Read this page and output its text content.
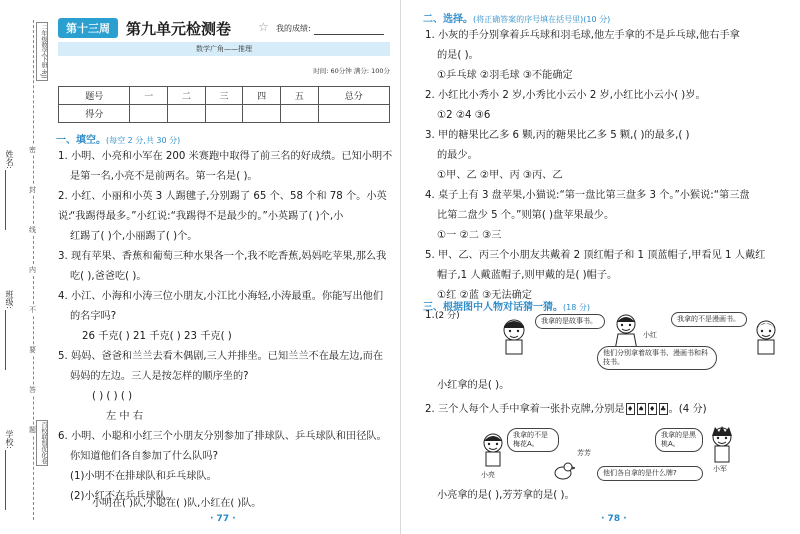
姓名:
班级:
学校:
密
封
线
内
不
要
答
题
二年级数学(下册·RJ)
百校联盟优化卷
第十三周	第九单元检测卷 ☆ 我的成绩:
数学广角——推理
时间: 60分钟 满分: 100分
题号	一	二	三	四	五	总分
得分						
一、填空。(每空 2 分,共 30 分)
1. 小明、小亮和小军在 200 米赛跑中取得了前三名的好成绩。已知小明不
是第一名,小亮不是前两名。第一名是( )。
2. 小红、小丽和小英 3 人踢毽子,分别踢了 65 个、58 个和 78 个。小英说:
“我踢得最多。”小红说:“我踢得不是最少的。”小英踢了( )个,小
红踢了( )个,小丽踢了( )个。
3. 现有苹果、香蕉和葡萄三种水果各一个,我不吃香蕉,妈妈吃苹果,那么我
吃( ),爸爸吃( )。
4. 小江、小海和小涛三位小朋友,小江比小海轻,小涛最重。你能写出他们
的名字吗?
26 千克( ) 21 千克( ) 23 千克( )
5. 妈妈、爸爸和兰兰去看木偶剧,三人并排坐。已知兰兰不在最左边,而在
妈妈的左边。三人是按怎样的顺序坐的?
( ) ( ) ( )
左 中 右
6. 小明、小聪和小红三个小朋友分别参加了排球队、乒乓球队和田径队。
你知道他们各自参加了什么队吗?
(1)小明不在排球队和乒乓球队。
(2)小红不在乒乓球队。
· 77 ·
小明在( )队,小聪在( )队,小红在( )队。
二、选择。(将正确答案的序号填在括号里)(10 分)
1. 小灰的手分别拿着乒乓球和羽毛球,他左手拿的不是乒乓球,他右手拿
的是( )。
①乒乓球 ②羽毛球 ③不能确定
2. 小红比小秀小 2 岁,小秀比小云小 2 岁,小红比小云小( )岁。
①2 ②4 ③6
3. 甲的糖果比乙多 6 颗,丙的糖果比乙多 5 颗,( )的最多,( )
的最少。
①甲、乙 ②甲、丙 ③丙、乙
4. 桌子上有 3 盘苹果,小猫说:“第一盘比第三盘多 3 个。”小猴说:“第三盘
比第二盘少 5 个。”则第( )盘苹果最少。
①一 ②二 ③三
5. 甲、乙、丙三个小朋友共戴着 2 顶红帽子和 1 顶蓝帽子,甲看见 1 人戴红
帽子,1 人戴蓝帽子,则甲戴的是( )帽子。
①红 ②蓝 ③无法确定
三、根据图中人物对话猜一猜。(18 分)
1. (2 分)	我拿的是故事书。
小红
我拿的不是漫画书。
他们分别拿着故事书、漫画书和科技书。
小红拿的是( )。
2. 三个人每个人手中拿着一张扑克牌,分别是 ♦ ♠ ♦ ♣ 。(4 分)
小亮
我拿的不是梅花A。
芳芳
我拿的是黑桃A。
小军
他们各自拿的是什么牌?
小亮拿的是( ),芳芳拿的是( )。
· 78 ·
